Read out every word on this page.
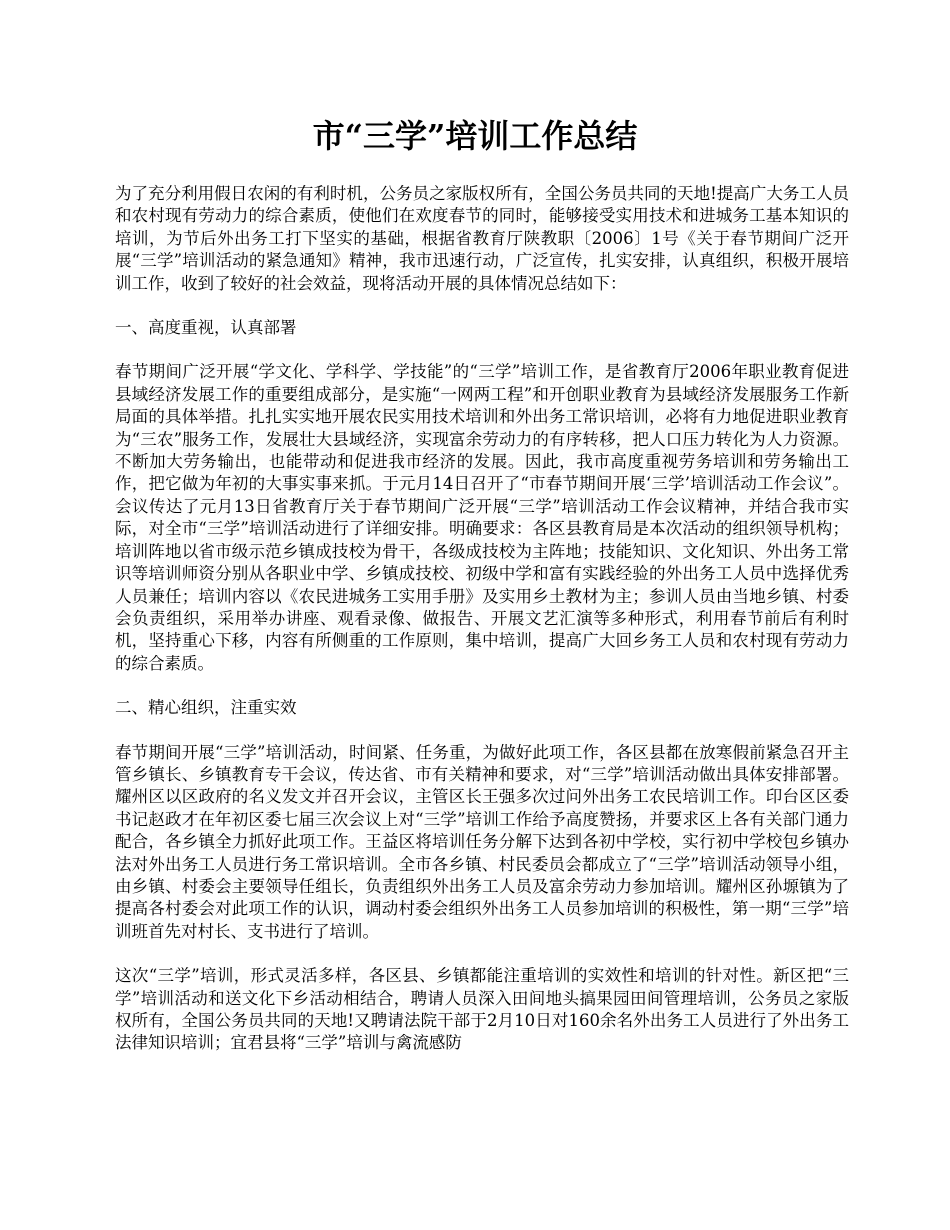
市“三学”培训工作总结

为了充分利用假日农闲的有利时机，公务员之家版权所有，全国公务员共同的天地!提高广大务工人员和农村现有劳动力的综合素质，使他们在欢度春节的同时，能够接受实用技术和进城务工基本知识的培训，为节后外出务工打下坚实的基础，根据省教育厅陕教职〔2006〕1号《关于春节期间广泛开展“三学”培训活动的紧急通知》精神，我市迅速行动，广泛宣传，扎实安排，认真组织，积极开展培训工作，收到了较好的社会效益，现将活动开展的具体情况总结如下：

一、高度重视，认真部署

春节期间广泛开展“学文化、学科学、学技能”的“三学”培训工作，是省教育厅2006年职业教育促进县域经济发展工作的重要组成部分，是实施“一网两工程”和开创职业教育为县域经济发展服务工作新局面的具体举措。扎扎实实地开展农民实用技术培训和外出务工常识培训，必将有力地促进职业教育为“三农”服务工作，发展壮大县域经济，实现富余劳动力的有序转移，把人口压力转化为人力资源。不断加大劳务输出，也能带动和促进我市经济的发展。因此，我市高度重视劳务培训和劳务输出工作，把它做为年初的大事实事来抓。于元月14日召开了“市春节期间开展‘三学’培训活动工作会议”。会议传达了元月13日省教育厅关于春节期间广泛开展“三学”培训活动工作会议精神，并结合我市实际，对全市“三学”培训活动进行了详细安排。明确要求：各区县教育局是本次活动的组织领导机构；培训阵地以省市级示范乡镇成技校为骨干，各级成技校为主阵地；技能知识、文化知识、外出务工常识等培训师资分别从各职业中学、乡镇成技校、初级中学和富有实践经验的外出务工人员中选择优秀人员兼任；培训内容以《农民进城务工实用手册》及实用乡土教材为主；参训人员由当地乡镇、村委会负责组织，采用举办讲座、观看录像、做报告、开展文艺汇演等多种形式，利用春节前后有利时机，坚持重心下移，内容有所侧重的工作原则，集中培训，提高广大回乡务工人员和农村现有劳动力的综合素质。

二、精心组织，注重实效

春节期间开展“三学”培训活动，时间紧、任务重，为做好此项工作，各区县都在放寒假前紧急召开主管乡镇长、乡镇教育专干会议，传达省、市有关精神和要求，对“三学”培训活动做出具体安排部署。耀州区以区政府的名义发文并召开会议，主管区长王强多次过问外出务工农民培训工作。印台区区委书记赵政才在年初区委七届三次会议上对“三学”培训工作给予高度赞扬，并要求区上各有关部门通力配合，各乡镇全力抓好此项工作。王益区将培训任务分解下达到各初中学校，实行初中学校包乡镇办法对外出务工人员进行务工常识培训。全市各乡镇、村民委员会都成立了“三学”培训活动领导小组，由乡镇、村委会主要领导任组长，负责组织外出务工人员及富余劳动力参加培训。耀州区孙塬镇为了提高各村委会对此项工作的认识，调动村委会组织外出务工人员参加培训的积极性，第一期“三学”培训班首先对村长、支书进行了培训。

这次“三学”培训，形式灵活多样，各区县、乡镇都能注重培训的实效性和培训的针对性。新区把“三学”培训活动和送文化下乡活动相结合，聘请人员深入田间地头搞果园田间管理培训，公务员之家版权所有，全国公务员共同的天地!又聘请法院干部于2月10日对160余名外出务工人员进行了外出务工法律知识培训；宜君县将“三学”培训与禽流感防
